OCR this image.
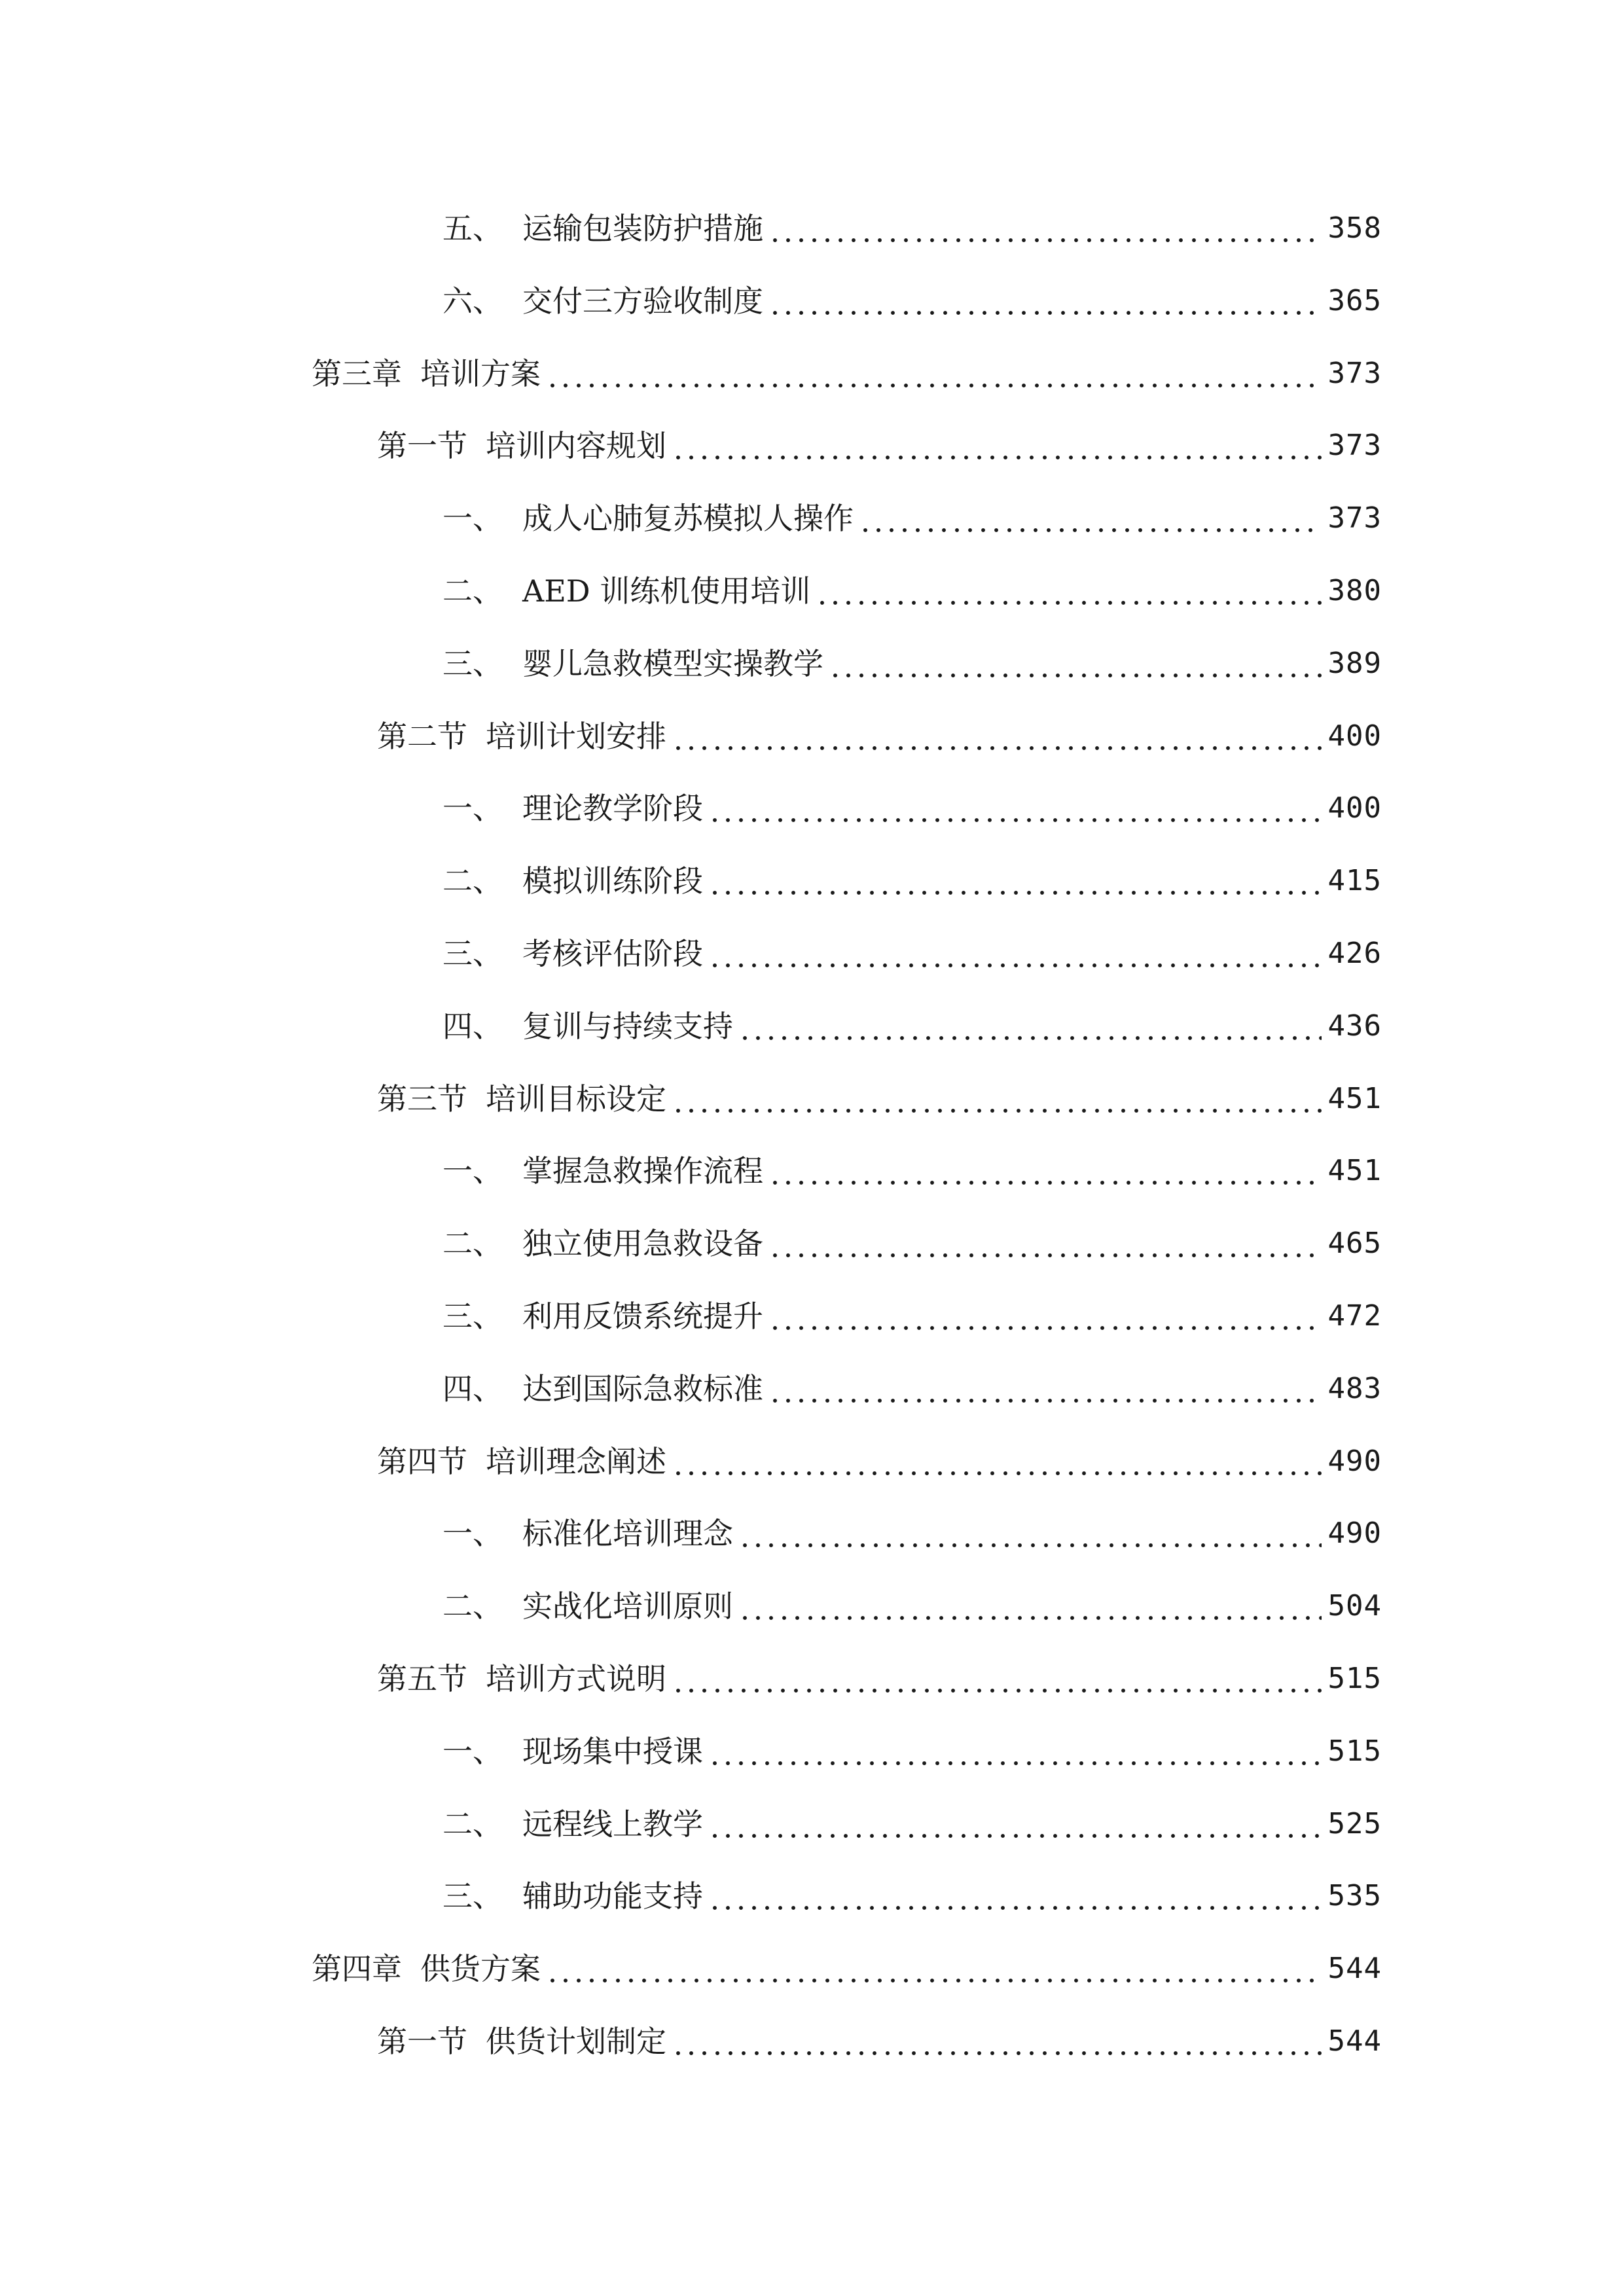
五、 运输包装防护措施	358
六、 交付三方验收制度	365
第三章 培训方案	373
第一节 培训内容规划	373
一、 成人心肺复苏模拟人操作	373
二、 AED 训练机使用培训	380
三、 婴儿急救模型实操教学	389
第二节 培训计划安排	400
一、 理论教学阶段	400
二、 模拟训练阶段	415
三、 考核评估阶段	426
四、 复训与持续支持	436
第三节 培训目标设定	451
一、 掌握急救操作流程	451
二、 独立使用急救设备	465
三、 利用反馈系统提升	472
四、 达到国际急救标准	483
第四节 培训理念阐述	490
一、 标准化培训理念	490
二、 实战化培训原则	504
第五节 培训方式说明	515
一、 现场集中授课	515
二、 远程线上教学	525
三、 辅助功能支持	535
第四章 供货方案	544
第一节 供货计划制定	544
